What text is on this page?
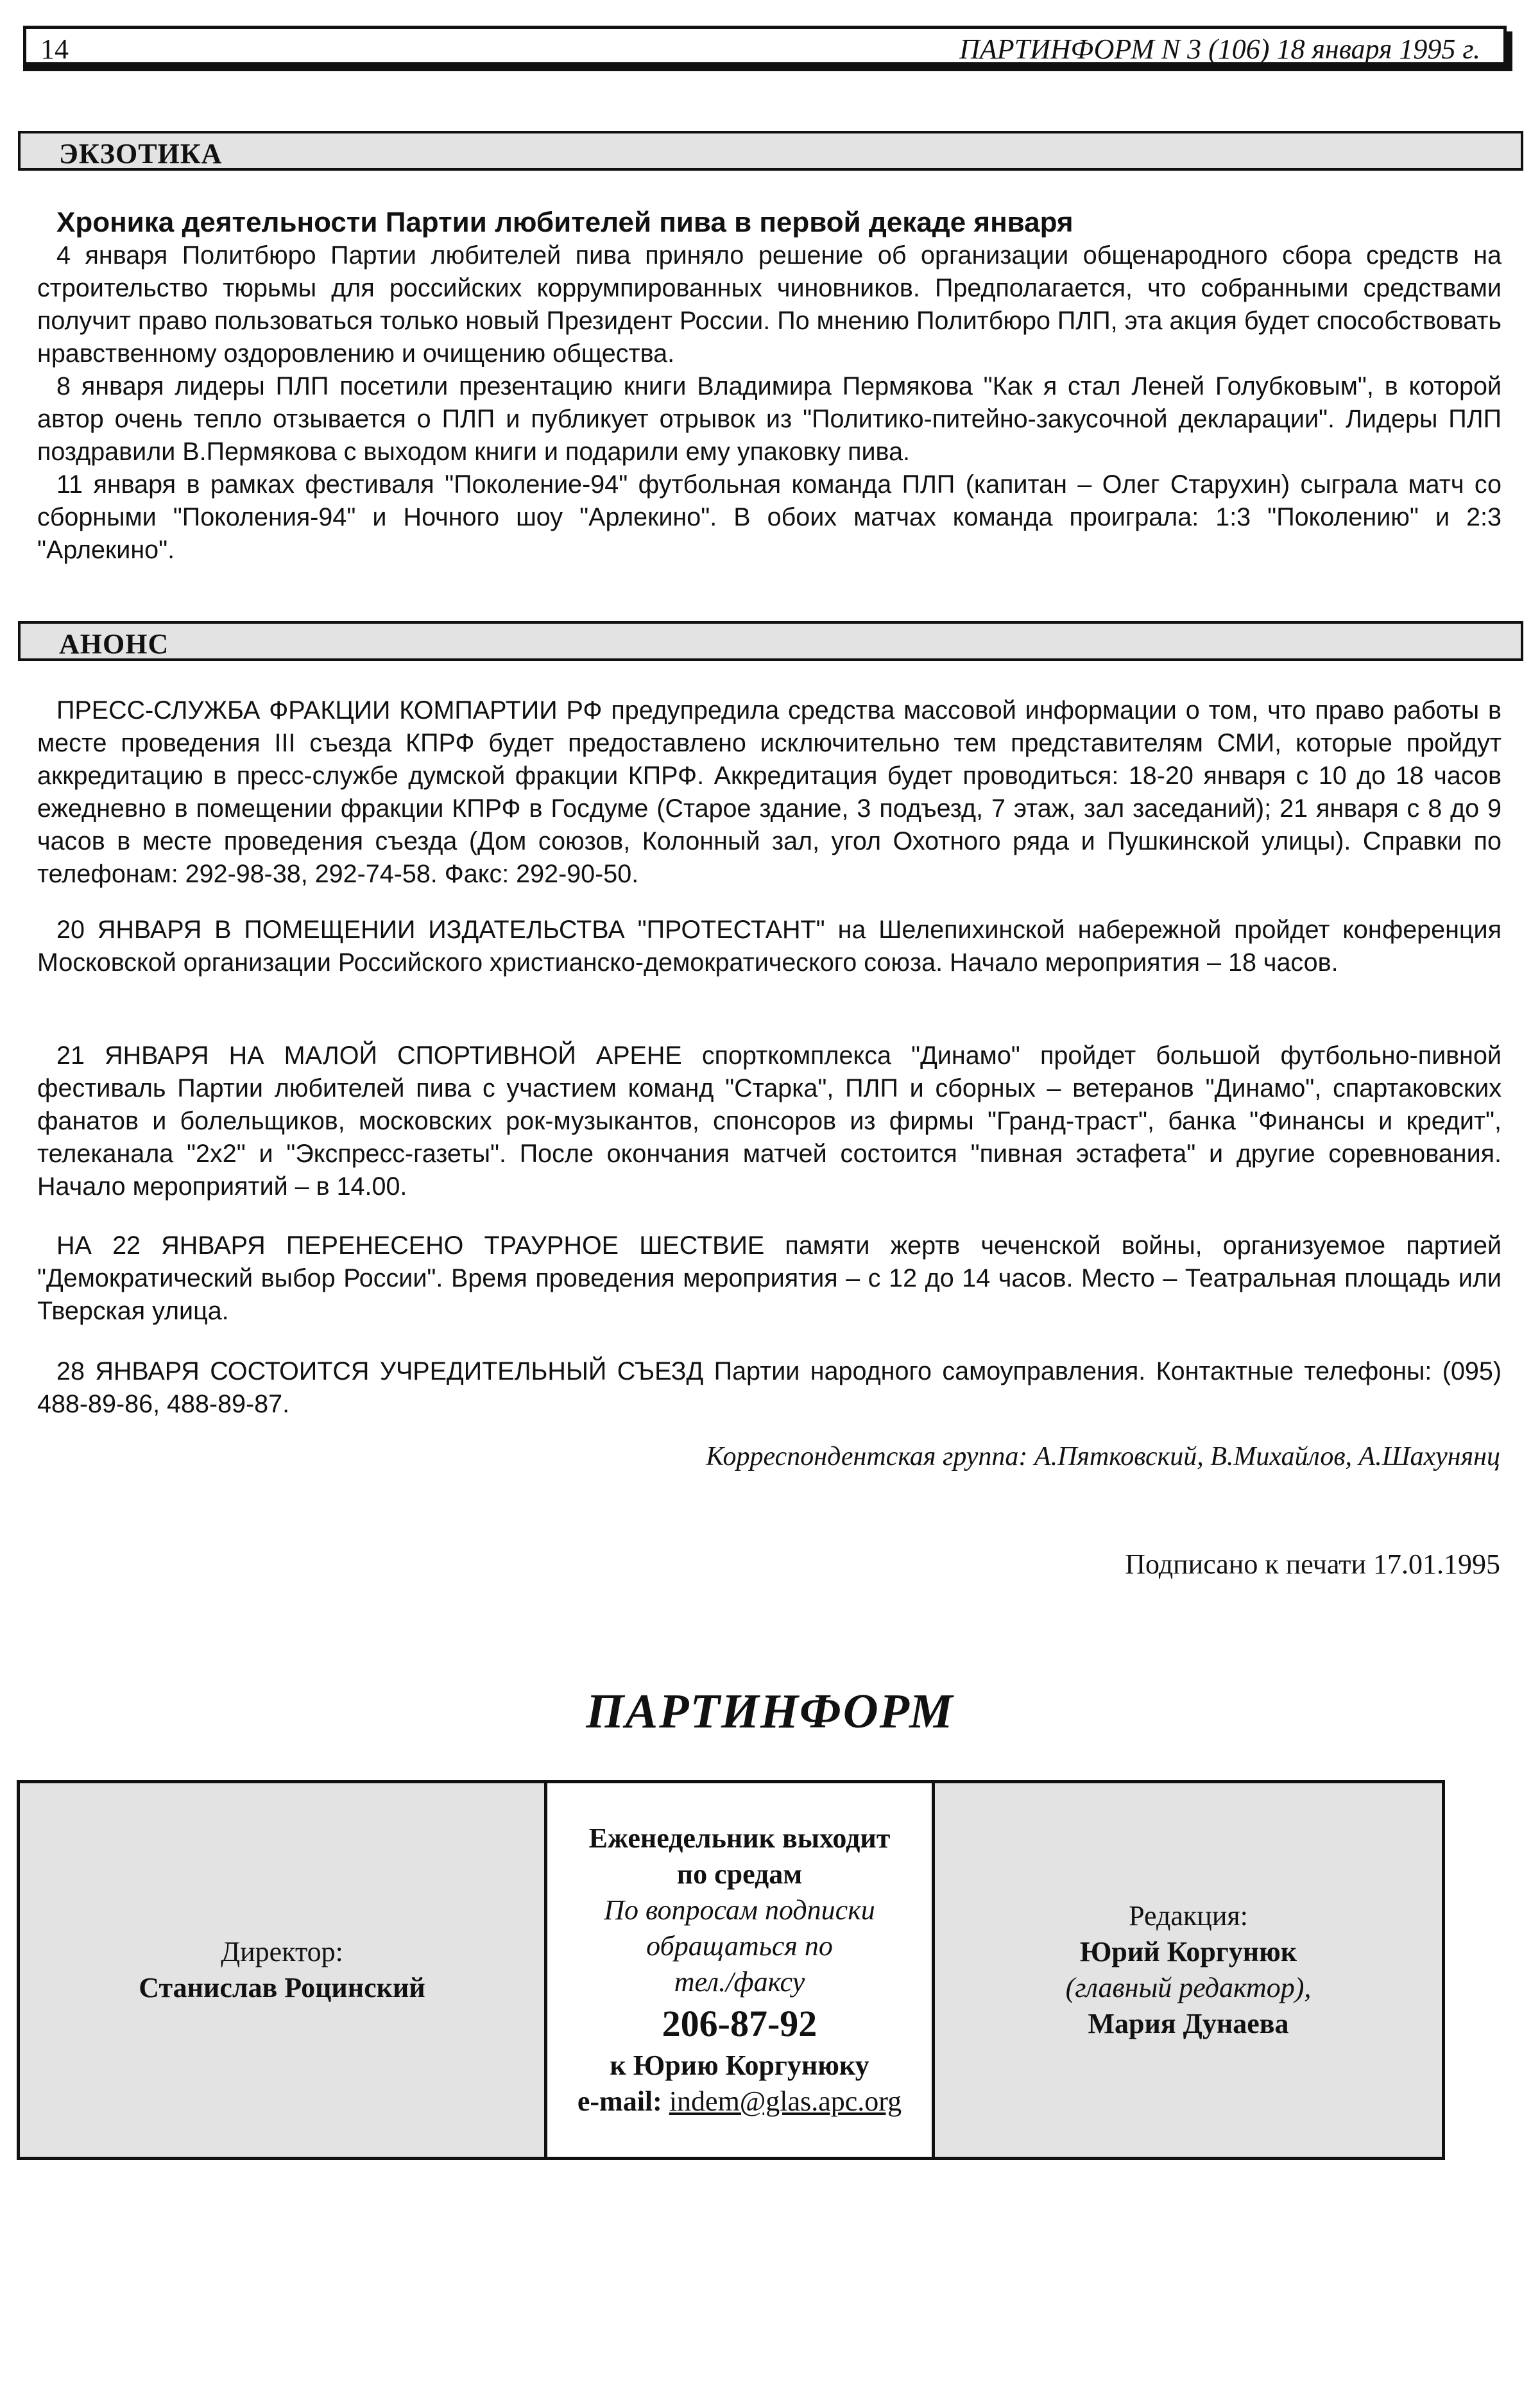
14	ПАРТИНФОРМ N 3 (106) 18 января 1995 г.
ЭКЗОТИКА
Хроника деятельности Партии любителей пива в первой декаде января
4 января Политбюро Партии любителей пива приняло решение об организации общенародного сбора средств на строительство тюрьмы для российских коррумпированных чиновников. Предполагается, что собранными средствами получит право пользоваться только новый Президент России. По мнению Политбюро ПЛП, эта акция будет способствовать нравственному оздоровлению и очищению общества.
8 января лидеры ПЛП посетили презентацию книги Владимира Пермякова "Как я стал Леней Голубковым", в которой автор очень тепло отзывается о ПЛП и публикует отрывок из "Политико-питейно-закусочной декларации". Лидеры ПЛП поздравили В.Пермякова с выходом книги и подарили ему упаковку пива.
11 января в рамках фестиваля "Поколение-94" футбольная команда ПЛП (капитан – Олег Старухин) сыграла матч со сборными "Поколения-94" и Ночного шоу "Арлекино". В обоих матчах команда проиграла: 1:3 "Поколению" и 2:3 "Арлекино".
АНОНС
ПРЕСС-СЛУЖБА ФРАКЦИИ КОМПАРТИИ РФ предупредила средства массовой информации о том, что право работы в месте проведения III съезда КПРФ будет предоставлено исключительно тем представителям СМИ, которые пройдут аккредитацию в пресс-службе думской фракции КПРФ. Аккредитация будет проводиться: 18-20 января с 10 до 18 часов ежедневно в помещении фракции КПРФ в Госдуме (Старое здание, 3 подъезд, 7 этаж, зал заседаний); 21 января с 8 до 9 часов в месте проведения съезда (Дом союзов, Колонный зал, угол Охотного ряда и Пушкинской улицы). Справки по телефонам: 292-98-38, 292-74-58. Факс: 292-90-50.
20 ЯНВАРЯ В ПОМЕЩЕНИИ ИЗДАТЕЛЬСТВА "ПРОТЕСТАНТ" на Шелепихинской набережной пройдет конференция Московской организации Российского христианско-демократического союза. Начало мероприятия – 18 часов.
21 ЯНВАРЯ НА МАЛОЙ СПОРТИВНОЙ АРЕНЕ спорткомплекса "Динамо" пройдет большой футбольно-пивной фестиваль Партии любителей пива с участием команд "Старка", ПЛП и сборных – ветеранов "Динамо", спартаковских фанатов и болельщиков, московских рок-музыкантов, спонсоров из фирмы "Гранд-траст", банка "Финансы и кредит", телеканала "2х2" и "Экспресс-газеты". После окончания матчей состоится "пивная эстафета" и другие соревнования. Начало мероприятий – в 14.00.
НА 22 ЯНВАРЯ ПЕРЕНЕСЕНО ТРАУРНОЕ ШЕСТВИЕ памяти жертв чеченской войны, организуемое партией "Демократический выбор России". Время проведения мероприятия – с 12 до 14 часов. Место – Театральная площадь или Тверская улица.
28 ЯНВАРЯ СОСТОИТСЯ УЧРЕДИТЕЛЬНЫЙ СЪЕЗД Партии народного самоуправления. Контактные телефоны: (095) 488-89-86, 488-89-87.
Корреспондентская группа: А.Пятковский, В.Михайлов, А.Шахунянц
Подписано к печати 17.01.1995
ПАРТИНФОРМ
Директор:
Станислав Роцинский
Еженедельник выходит
по средам
По вопросам подписки
обращаться по
тел./факсу
206-87-92
к Юрию Коргунюку
e-mail: indem@glas.apc.org
Редакция:
Юрий Коргунюк
(главный редактор),
Мария Дунаева
